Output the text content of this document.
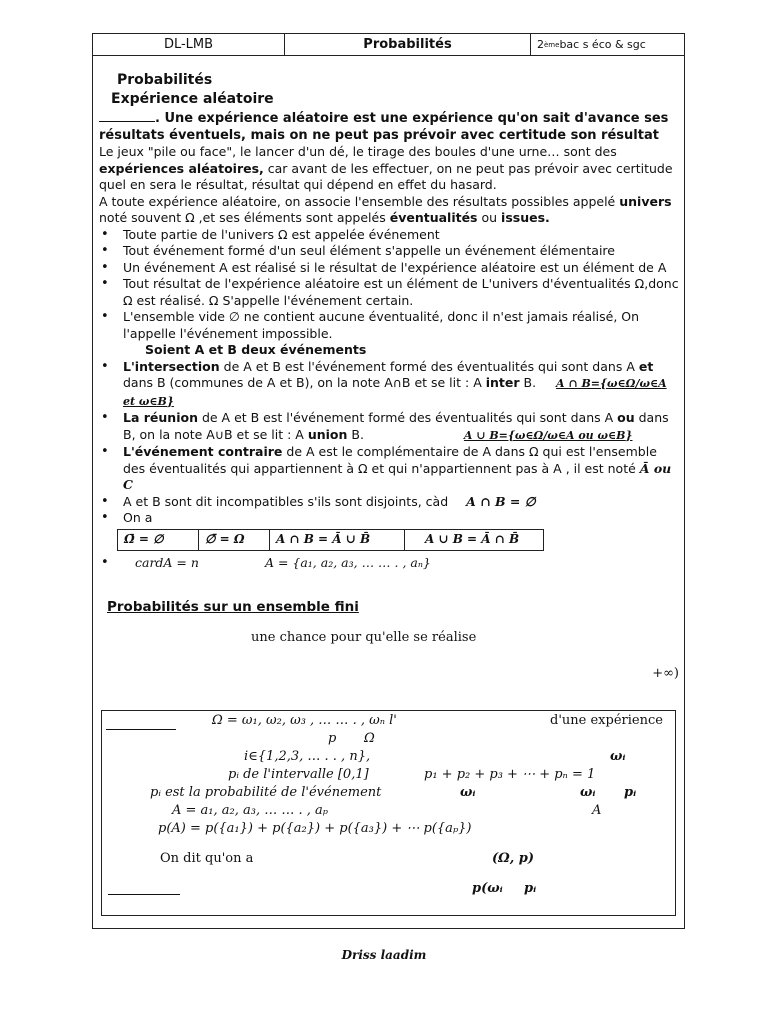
DL-LMB	Probabilités	2 ème bac s éco & sgc
Probabilités
Expérience aléatoire

. Une expérience aléatoire est une expérience qu'on sait d'avance ses résultats éventuels, mais on ne peut pas prévoir avec certitude son résultat

Le jeux "pile ou face", le lancer d'un dé, le tirage des boules d'une urne… sont des expériences aléatoires, car avant de les effectuer, on ne peut pas prévoir avec certitude quel en sera le résultat, résultat qui dépend en effet du hasard.

A toute expérience aléatoire, on associe l'ensemble des résultats possibles appelé univers noté souvent Ω ,et ses éléments sont appelés éventualités ou issues.

• Toute partie de l'univers Ω est appelée événement
• Tout événement formé d'un seul élément s'appelle un événement élémentaire
• Un événement A est réalisé si le résultat de l'expérience aléatoire est un élément de A
• Tout résultat de l'expérience aléatoire est un élément de L'univers d'éventualités Ω,donc Ω est réalisé. Ω S'appelle l'événement certain.
• L'ensemble vide ∅ ne contient aucune éventualité, donc il n'est jamais réalisé, On l'appelle l'événement impossible.

Soient A et B deux événements

• L'intersection de A et B est l'événement formé des éventualités qui sont dans A et dans B (communes de A et B), on la note A∩B et se lit : A inter B. A ∩ B={ω∈Ω/ω∈A et ω∈B}
• La réunion de A et B est l'événement formé des éventualités qui sont dans A ou dans B, on la note A∪B et se lit : A union B.	A ∪ B={ω∈Ω/ω∈A ou ω∈B}
• L'événement contraire de A est le complémentaire de A dans Ω qui est l'ensemble des éventualités qui appartiennent à Ω et qui n'appartiennent pas à A , il est noté Ā ou C
• A et B sont dit incompatibles s'ils sont disjoints, càd A ∩ B = ∅
• On a
Ω̄ = ∅	∅̄ = Ω	A ∩ B = Ā ∪ B̄	A ∪ B = Ā ∩ B̄
• cardA = n	A = {a₁, a₂, a₃, … … . , aₙ}
Probabilités sur un ensemble fini

une chance pour qu'elle se réalise

+∞)

Ω = ω₁, ω₂, ω₃ , … … . , ωₙ l'	d'une expérience
p Ω
i∈{1,2,3, … . . , n},	ωᵢ
pᵢ de l'intervalle [0,1]	p₁ + p₂ + p₃ + ⋯ + pₙ = 1
pᵢ est la probabilité de l'événement	ωᵢ	ωᵢ pᵢ
A = a₁, a₂, a₃, … … . , aₚ	A
p(A) = p({a₁}) + p({a₂}) + p({a₃}) + ⋯ p({aₚ})
On dit qu'on a	(Ω, p)
p(ωᵢ pᵢ
Driss laadim
